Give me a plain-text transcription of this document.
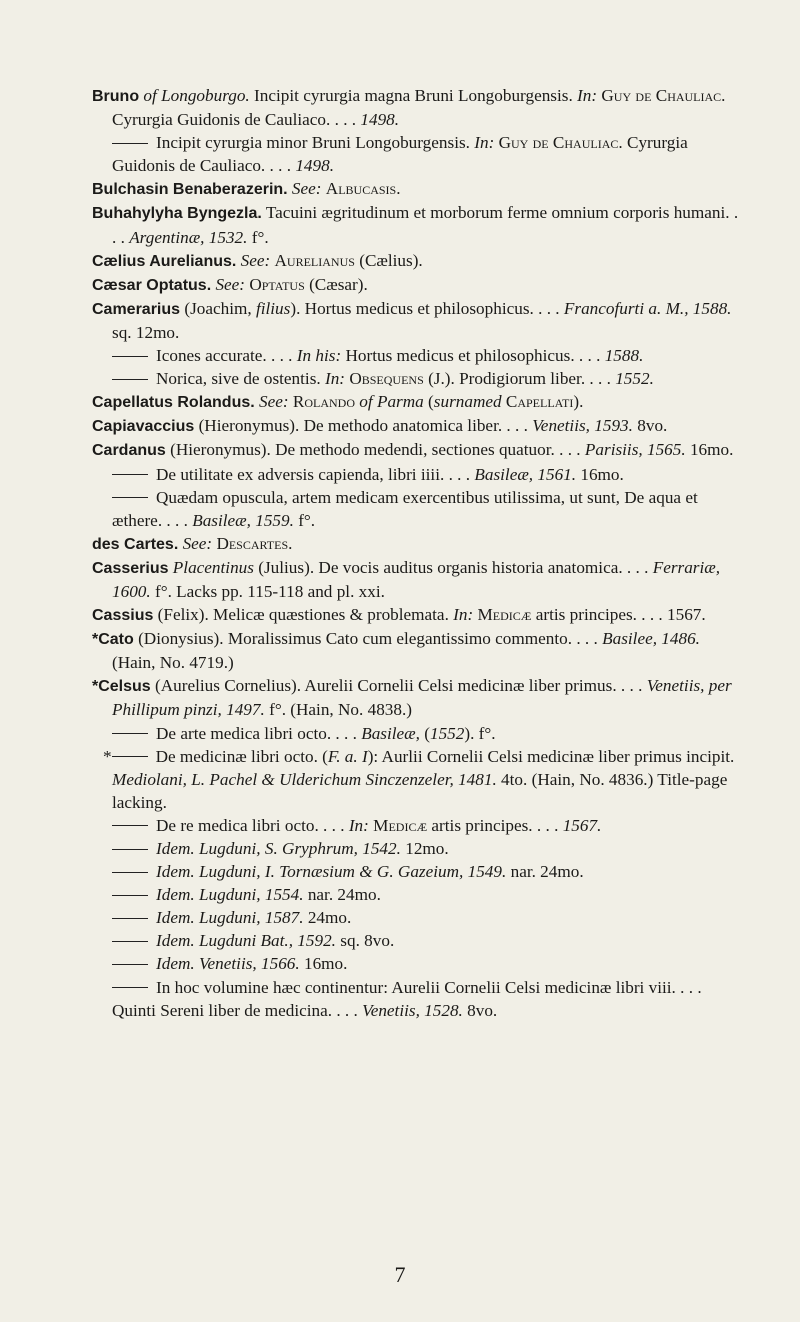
Bruno of Longoburgo. Incipit cyrurgia magna Bruni Longoburgensis. In: Guy de Chauliac. Cyrurgia Guidonis de Cauliaco. . . . 1498.

Incipit cyrurgia minor Bruni Longoburgensis. In: Guy de Chauliac. Cyrurgia Guidonis de Cauliaco. . . . 1498.

Bulchasin Benaberazerin. See: Albucasis.

Buhahylyha Byngezla. Tacuini ægritudinum et morborum ferme omnium corporis humani. . . . Argentinæ, 1532. f°.

Cælius Aurelianus. See: Aurelianus (Cælius).

Cæsar Optatus. See: Optatus (Cæsar).

Camerarius (Joachim, filius). Hortus medicus et philosophicus. . . . Francofurti a. M., 1588. sq. 12mo.

Icones accurate. . . . In his: Hortus medicus et philosophicus. . . . 1588.

Norica, sive de ostentis. In: Obsequens (J.). Prodigiorum liber. . . . 1552.

Capellatus Rolandus. See: Rolando of Parma (surnamed Capellati).

Capiavaccius (Hieronymus). De methodo anatomica liber. . . . Venetiis, 1593. 8vo.

Cardanus (Hieronymus). De methodo medendi, sectiones quatuor. . . . Parisiis, 1565. 16mo.

De utilitate ex adversis capienda, libri iiii. . . . Basileæ, 1561. 16mo.

Quædam opuscula, artem medicam exercentibus utilissima, ut sunt, De aqua et æthere. . . . Basileæ, 1559. f°.

des Cartes. See: Descartes.

Casserius Placentinus (Julius). De vocis auditus organis historia anatomica. . . . Ferrariæ, 1600. f°. Lacks pp. 115-118 and pl. xxi.

Cassius (Felix). Melicæ quæstiones & problemata. In: Medicæ artis principes. . . . 1567.

*Cato (Dionysius). Moralissimus Cato cum elegantissimo commento. . . . Basilee, 1486. (Hain, No. 4719.)

*Celsus (Aurelius Cornelius). Aurelii Cornelii Celsi medicinæ liber primus. . . . Venetiis, per Phillipum pinzi, 1497. f°. (Hain, No. 4838.)

De arte medica libri octo. . . . Basileæ, (1552). f°.

*	De medicinæ libri octo. (F. a. I): Aurlii Cornelii Celsi medicinæ liber primus incipit. Mediolani, L. Pachel & Ulderichum Sinczenzeler, 1481. 4to. (Hain, No. 4836.) Title-page lacking.

De re medica libri octo. . . . In: Medicæ artis principes. . . . 1567.

Idem. Lugduni, S. Gryphrum, 1542. 12mo.

Idem. Lugduni, I. Tornæsium & G. Gazeium, 1549. nar. 24mo.

Idem. Lugduni, 1554. nar. 24mo.

Idem. Lugduni, 1587. 24mo.

Idem. Lugduni Bat., 1592. sq. 8vo.

Idem. Venetiis, 1566. 16mo.

In hoc volumine hæc continentur: Aurelii Cornelii Celsi medicinæ libri viii. . . . Quinti Sereni liber de medicina. . . . Venetiis, 1528. 8vo.

7
